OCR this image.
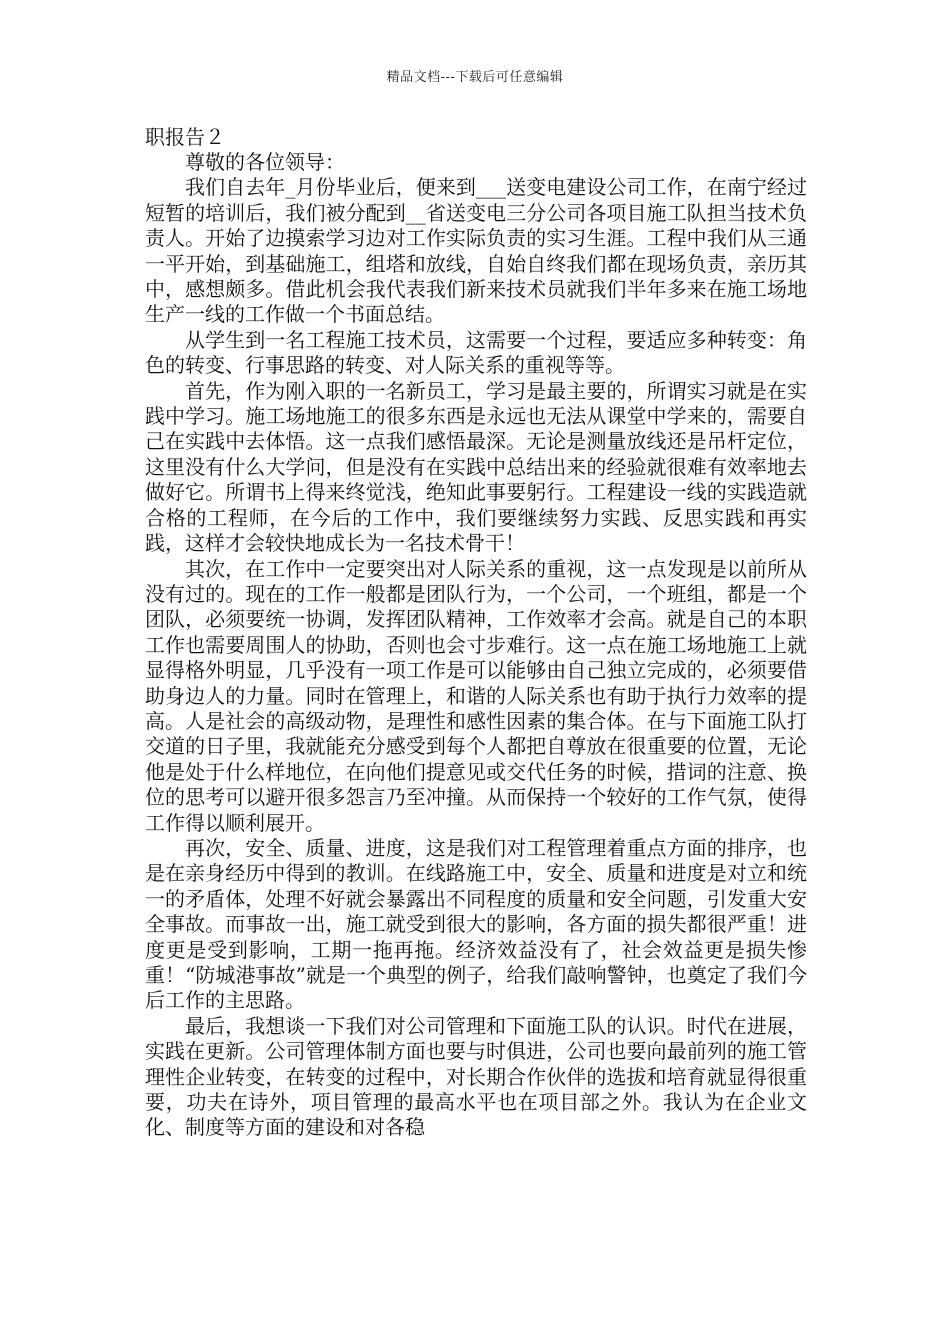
精品文档---下载后可任意编辑
职报告２

尊敬的各位领导：

我们自去年_月份毕业后，便来到___送变电建设公司工作，在南宁经过短暂的培训后，我们被分配到__省送变电三分公司各项目施工队担当技术负责人。开始了边摸索学习边对工作实际负责的实习生涯。工程中我们从三通一平开始，到基础施工，组塔和放线，自始自终我们都在现场负责，亲历其中，感想颇多。借此机会我代表我们新来技术员就我们半年多来在施工场地生产一线的工作做一个书面总结。

从学生到一名工程施工技术员，这需要一个过程，要适应多种转变：角色的转变、行事思路的转变、对人际关系的重视等等。

首先，作为刚入职的一名新员工，学习是最主要的，所谓实习就是在实践中学习。施工场地施工的很多东西是永远也无法从课堂中学来的，需要自己在实践中去体悟。这一点我们感悟最深。无论是测量放线还是吊杆定位，这里没有什么大学问，但是没有在实践中总结出来的经验就很难有效率地去做好它。所谓书上得来终觉浅，绝知此事要躬行。工程建设一线的实践造就合格的工程师，在今后的工作中，我们要继续努力实践、反思实践和再实践，这样才会较快地成长为一名技术骨干！

其次，在工作中一定要突出对人际关系的重视，这一点发现是以前所从没有过的。现在的工作一般都是团队行为，一个公司，一个班组，都是一个团队，必须要统一协调，发挥团队精神，工作效率才会高。就是自己的本职工作也需要周围人的协助，否则也会寸步难行。这一点在施工场地施工上就显得格外明显，几乎没有一项工作是可以能够由自己独立完成的，必须要借助身边人的力量。同时在管理上，和谐的人际关系也有助于执行力效率的提高。人是社会的高级动物，是理性和感性因素的集合体。在与下面施工队打交道的日子里，我就能充分感受到每个人都把自尊放在很重要的位置，无论他是处于什么样地位，在向他们提意见或交代任务的时候，措词的注意、换位的思考可以避开很多怨言乃至冲撞。从而保持一个较好的工作气氛，使得工作得以顺利展开。

再次，安全、质量、进度，这是我们对工程管理着重点方面的排序，也是在亲身经历中得到的教训。在线路施工中，安全、质量和进度是对立和统一的矛盾体，处理不好就会暴露出不同程度的质量和安全问题，引发重大安全事故。而事故一出，施工就受到很大的影响，各方面的损失都很严重！进度更是受到影响，工期一拖再拖。经济效益没有了，社会效益更是损失惨重！“防城港事故”就是一个典型的例子，给我们敲响警钟，也奠定了我们今后工作的主思路。

最后，我想谈一下我们对公司管理和下面施工队的认识。时代在进展，实践在更新。公司管理体制方面也要与时俱进，公司也要向最前列的施工管理性企业转变，在转变的过程中，对长期合作伙伴的选拔和培育就显得很重要，功夫在诗外，项目管理的最高水平也在项目部之外。我认为在企业文化、制度等方面的建设和对各稳
